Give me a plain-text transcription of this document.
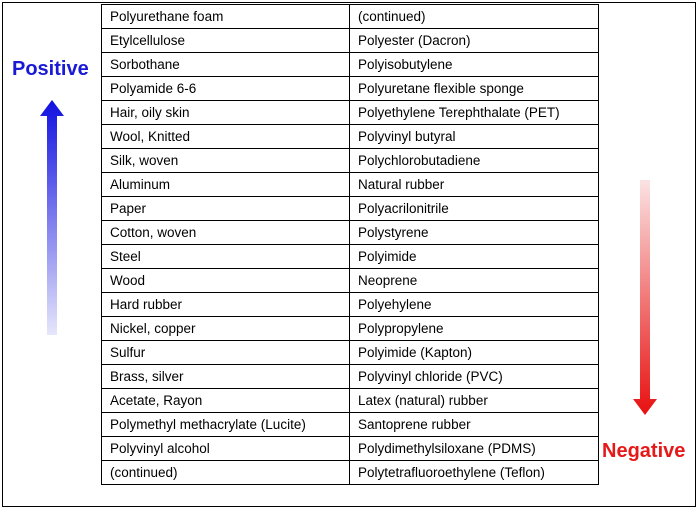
Positive
Polyurethane foam	(continued)
Etylcellulose	Polyester (Dacron)
Sorbothane	Polyisobutylene
Polyamide 6-6	Polyuretane flexible sponge
Hair, oily skin	Polyethylene Terephthalate (PET)
Wool, Knitted	Polyvinyl butyral
Silk, woven	Polychlorobutadiene
Aluminum	Natural rubber
Paper	Polyacrilonitrile
Cotton, woven	Polystyrene
Steel	Polyimide
Wood	Neoprene
Hard rubber	Polyehylene
Nickel, copper	Polypropylene
Sulfur	Polyimide (Kapton)
Brass, silver	Polyvinyl chloride (PVC)
Acetate, Rayon	Latex (natural) rubber
Polymethyl methacrylate (Lucite)	Santoprene rubber
Polyvinyl alcohol	Polydimethylsiloxane (PDMS)
(continued)	Polytetrafluoroethylene (Teflon)
Negative
